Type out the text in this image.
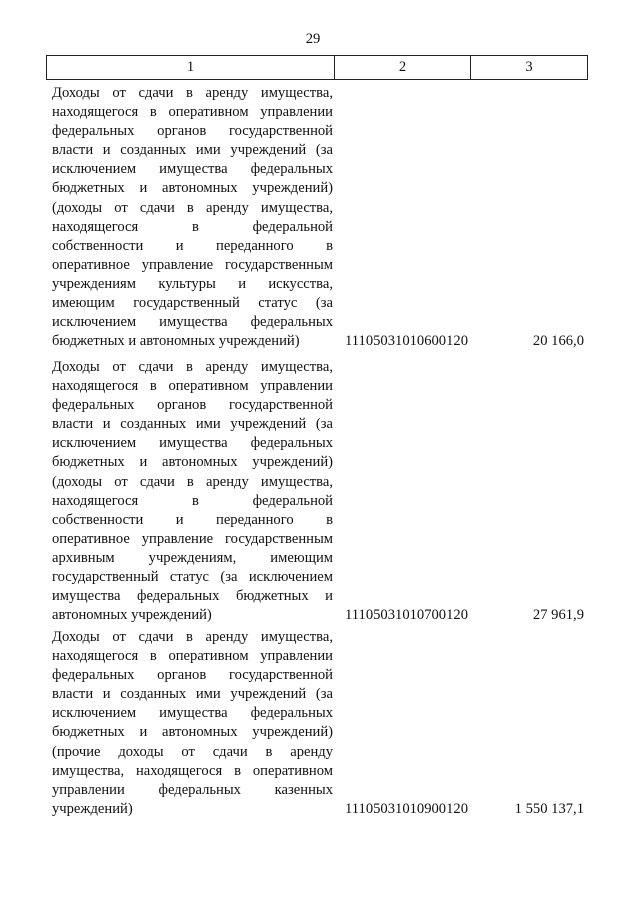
29
1	2	3
Доходы от сдачи в аренду имущества,
находящегося в оперативном управлении
федеральных органов государственной
власти и созданных ими учреждений (за
исключением имущества федеральных
бюджетных и автономных учреждений)
(доходы от сдачи в аренду имущества,
находящегося в федеральной
собственности и переданного в
оперативное управление государственным
учреждениям культуры и искусства,
имеющим государственный статус (за
исключением имущества федеральных
бюджетных и автономных учреждений)	11105031010600120	20 166,0
Доходы от сдачи в аренду имущества,
находящегося в оперативном управлении
федеральных органов государственной
власти и созданных ими учреждений (за
исключением имущества федеральных
бюджетных и автономных учреждений)
(доходы от сдачи в аренду имущества,
находящегося в федеральной
собственности и переданного в
оперативное управление государственным
архивным учреждениям, имеющим
государственный статус (за исключением
имущества федеральных бюджетных и
автономных учреждений)	11105031010700120	27 961,9
Доходы от сдачи в аренду имущества,
находящегося в оперативном управлении
федеральных органов государственной
власти и созданных ими учреждений (за
исключением имущества федеральных
бюджетных и автономных учреждений)
(прочие доходы от сдачи в аренду
имущества, находящегося в оперативном
управлении федеральных казенных
учреждений)	11105031010900120	1 550 137,1
